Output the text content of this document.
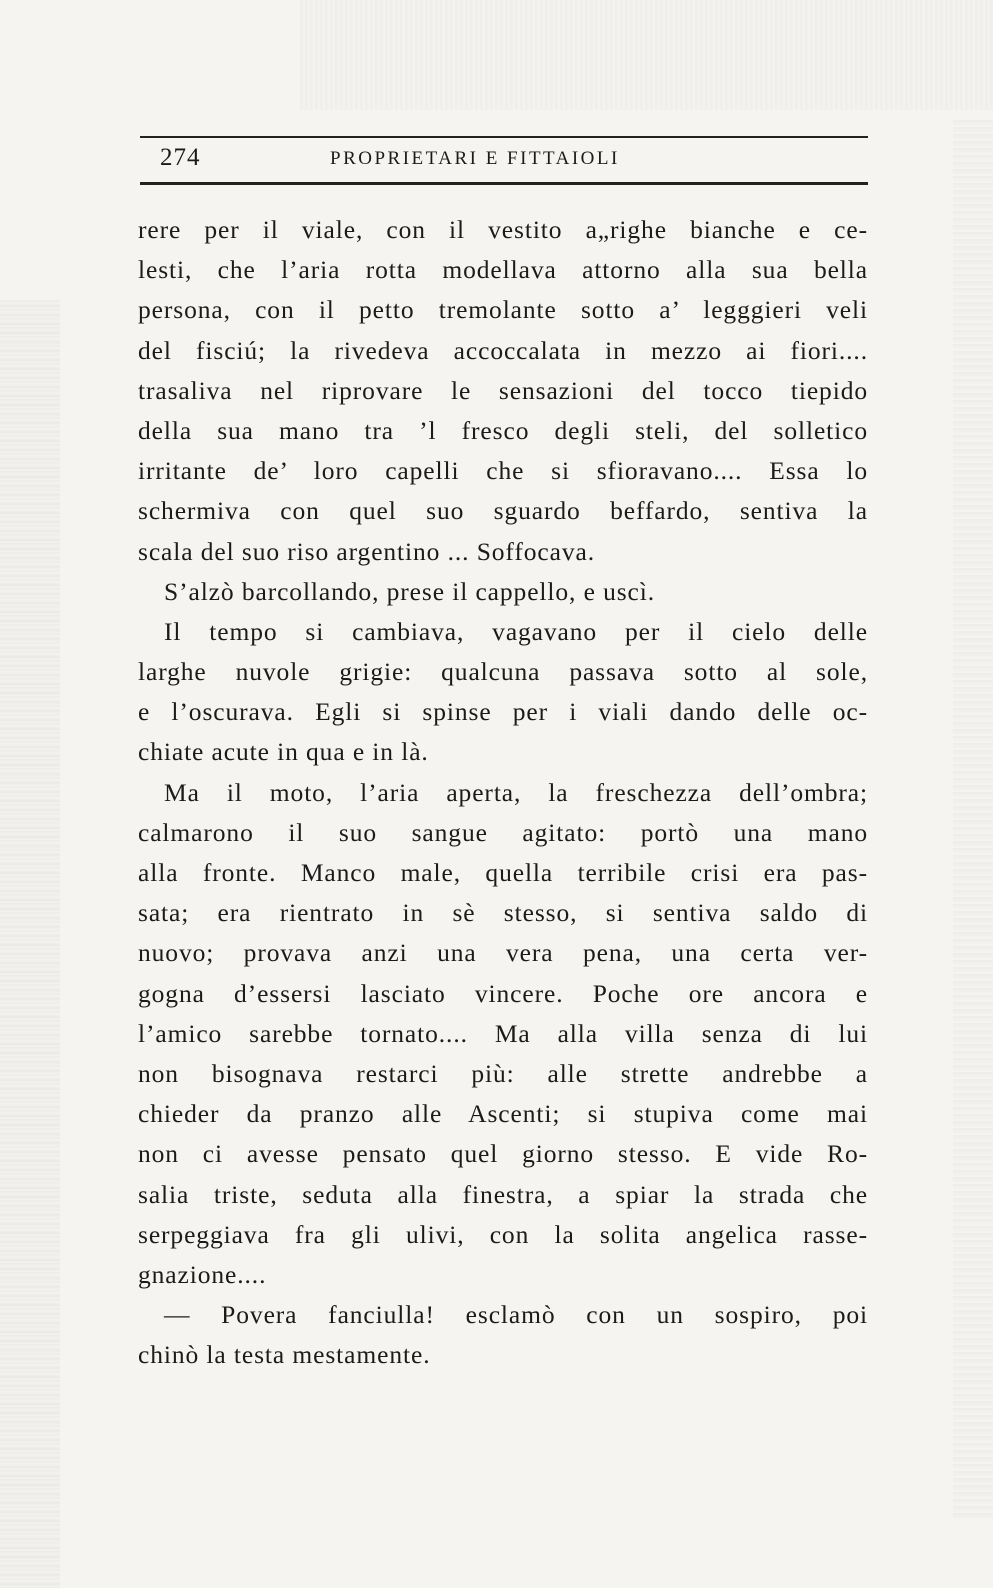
274	PROPRIETARI E FITTAIOLI
rere per il viale, con il vestito a„righe bianche e ce-
lesti, che l’aria rotta modellava attorno alla sua bella
persona, con il petto tremolante sotto a’ legggieri veli
del fisciú; la rivedeva accoccalata in mezzo ai fiori....
trasaliva nel riprovare le sensazioni del tocco tiepido
della sua mano tra ’l fresco degli steli, del solletico
irritante de’ loro capelli che si sfioravano.... Essa lo
schermiva con quel suo sguardo beffardo, sentiva la
scala del suo riso argentino ... Soffocava.
S’alzò barcollando, prese il cappello, e uscì.
Il tempo si cambiava, vagavano per il cielo delle
larghe nuvole grigie: qualcuna passava sotto al sole,
e l’oscurava. Egli si spinse per i viali dando delle oc-
chiate acute in qua e in là.
Ma il moto, l’aria aperta, la freschezza dell’ombra;
calmarono il suo sangue agitato: portò una mano
alla fronte. Manco male, quella terribile crisi era pas-
sata; era rientrato in sè stesso, si sentiva saldo di
nuovo; provava anzi una vera pena, una certa ver-
gogna d’essersi lasciato vincere. Poche ore ancora e
l’amico sarebbe tornato.... Ma alla villa senza di lui
non bisognava restarci più: alle strette andrebbe a
chieder da pranzo alle Ascenti; si stupiva come mai
non ci avesse pensato quel giorno stesso. E vide Ro-
salia triste, seduta alla finestra, a spiar la strada che
serpeggiava fra gli ulivi, con la solita angelica rasse-
gnazione....
— Povera fanciulla! esclamò con un sospiro, poi
chinò la testa mestamente.
